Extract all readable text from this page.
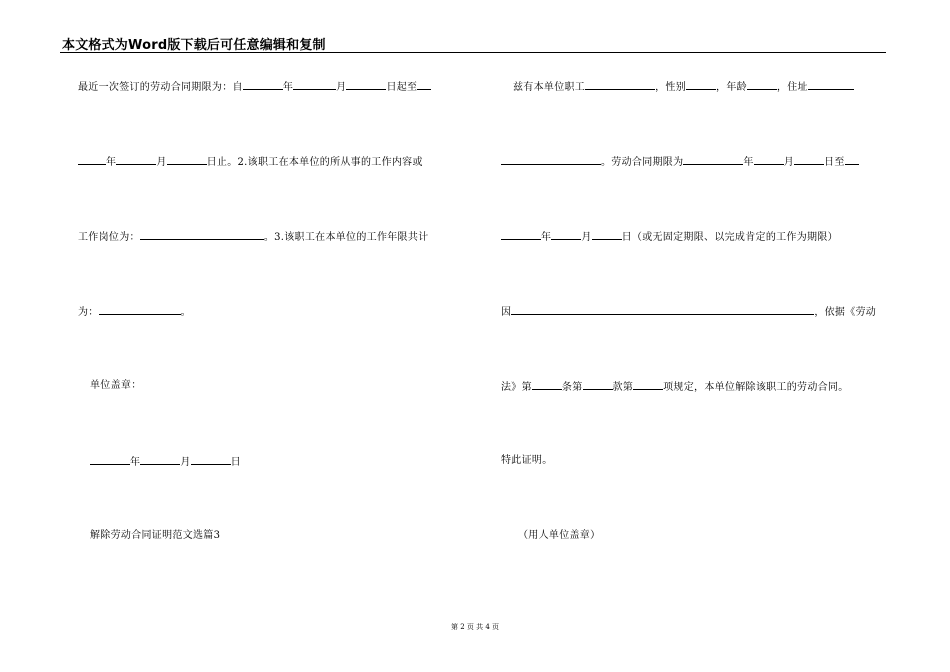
本文格式为Word版下载后可任意编辑和复制
最近一次签订的劳动合同期限为：自	年	月	日起至
年	月	日止。2.该职工在本单位的所从事的工作内容或
工作岗位为：	。3.该职工在本单位的工作年限共计
为：	。
单位盖章：
年	月	日
解除劳动合同证明范文选篇3
兹有本单位职工	，性别	，年龄	，住址
。劳动合同期限为	年	月	日至
年	月	日（或无固定期限、以完成肯定的工作为期限）
因	，依据《劳动
法》第	条第	款第	项规定，本单位解除该职工的劳动合同。
特此证明。
（用人单位盖章）
第 2 页 共 4 页
